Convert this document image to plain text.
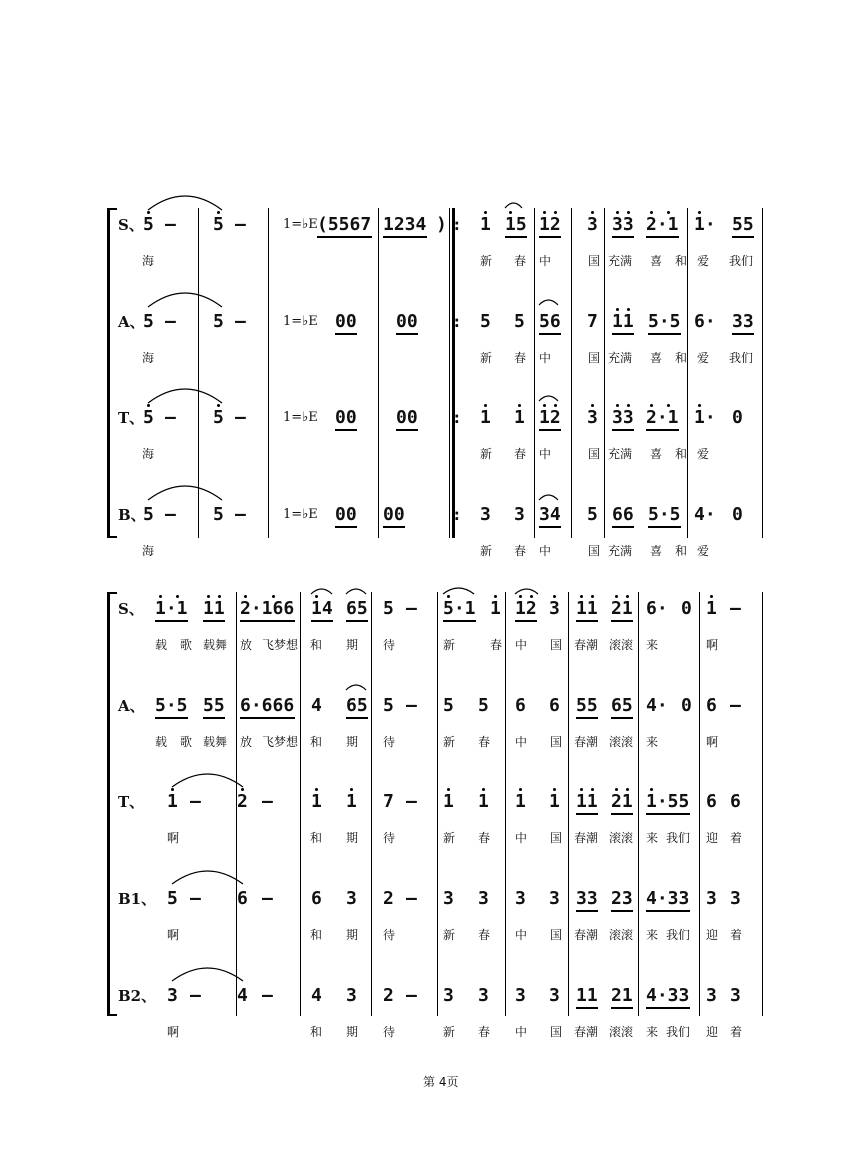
S、	1=♭E	:
5 — 5 —	(5567 1234 ) 1 15 12 3 33 2·1 1· 55
海	新 春 中	国 充满 喜 和 爱 我们
A、	1=♭E	:
5 — 5 —	00 00	5 5 56 7 11 5·5 6· 33
海	新 春 中	国 充满 喜 和 爱 我们
T、	1=♭E	:
5 — 5 —	00 00	1 1 12 3 33 2·1 1· 0
海	新 春 中	国 充满 喜 和 爱
B、	1=♭E	:
5 — 5 —	00 00	3 3 34 5 66 5·5 4· 0
海	新 春 中	国 充满 喜 和 爱
S、 1·1 11 2·166 14 65 5 — 5·1 1 12 3 11 21 6· 0 1 —
载 歌 载舞 放 飞梦想 和 期 待	新	春 中 国 春潮 滚滚 来	啊
A、 5·5 55 6·666 4 65 5 — 5 5 6 6 55 65 4· 0 6 —
载 歌 载舞 放 飞梦想 和 期 待	新 春 中 国 春潮 滚滚 来	啊
T、 1 — 2 — 1 1 7 — 1 1 1 1 11 21 1·55 6 6
啊	和 期 待	新 春 中 国 春潮 滚滚 来 我们 迎 着
B1、 5 — 6 — 6 3 2 — 3 3 3 3 33 23 4·33 3 3
啊	和 期 待	新 春 中 国 春潮 滚滚 来 我们 迎 着
B2、 3 — 4 — 4 3 2 — 3 3 3 3 11 21 4·33 3 3
啊	和 期 待	新 春 中 国 春潮 滚滚 来 我们 迎 着
第 4页
